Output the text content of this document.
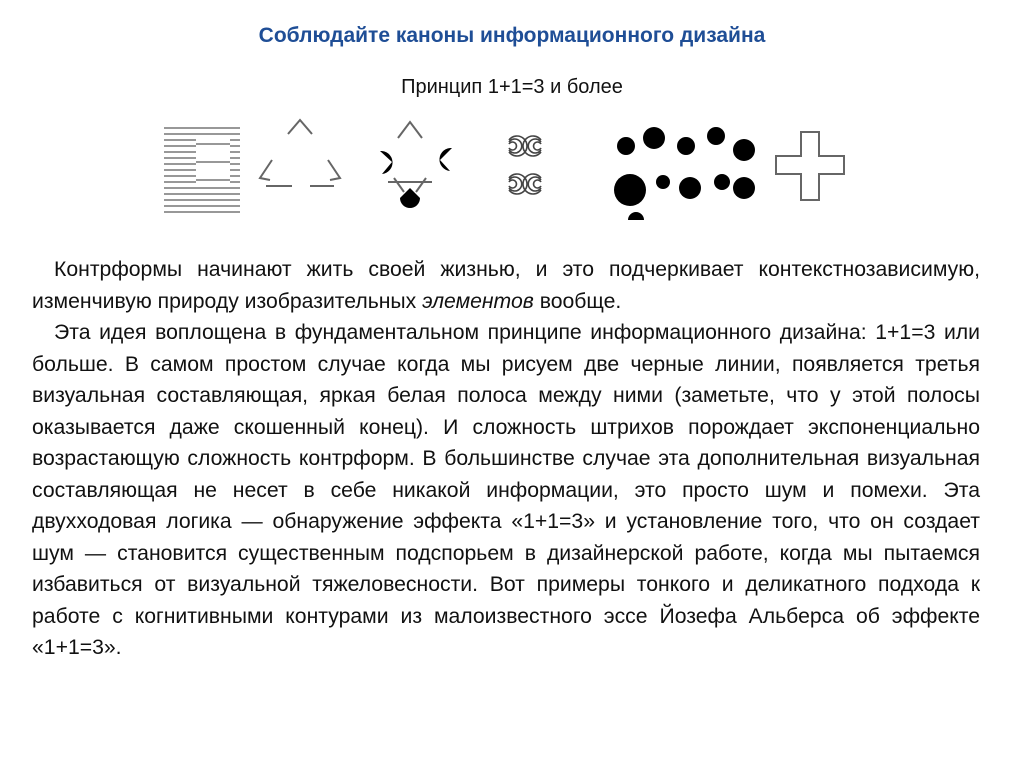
Соблюдайте каноны информационного дизайна
Принцип 1+1=3 и более

Контрформы начинают жить своей жизнью, и это подчеркивает контекстнозависимую, изменчивую природу изобразительных элементов вообще.

Эта идея воплощена в фундаментальном принципе информационного дизайна: 1+1=3 или больше. В самом простом случае когда мы рисуем две черные линии, появляется третья визуальная составляющая, яркая белая полоса между ними (заметьте, что у этой полосы оказывается даже скошенный конец). И сложность штрихов порождает экспоненциально возрастающую сложность контрформ. В большинстве случае эта дополнительная визуальная составляющая не несет в себе никакой информации, это просто шум и помехи. Эта двухходовая логика — обнаружение эффекта «1+1=3» и установление того, что он создает шум — становится существенным подспорьем в дизайнерской работе, когда мы пытаемся избавиться от визуальной тяжеловесности. Вот примеры тонкого и деликатного подхода к работе с когнитивными контурами из малоизвестного эссе Йозефа Альберса об эффекте «1+1=3».
